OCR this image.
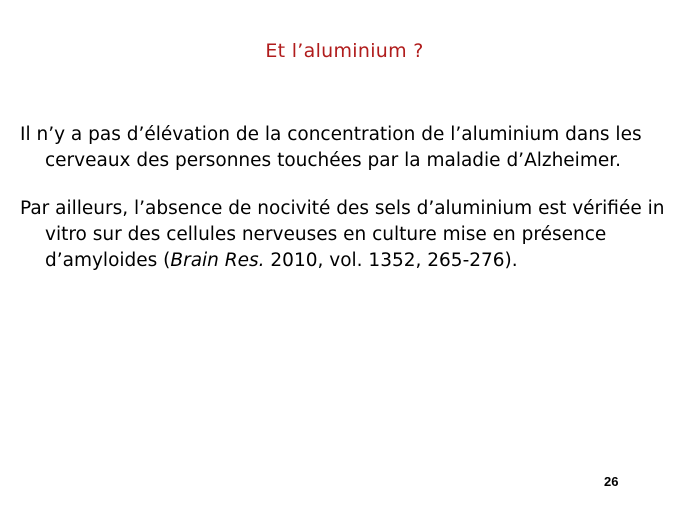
Et l’aluminium ?

Il n’y a pas d’élévation de la concentration de l’aluminium dans les cerveaux des personnes touchées par la maladie d’Alzheimer.

Par ailleurs, l’absence de nocivité des sels d’aluminium est vérifiée in vitro sur des cellules nerveuses en culture mise en présence d’amyloides (Brain Res. 2010, vol. 1352, 265-276).

26
